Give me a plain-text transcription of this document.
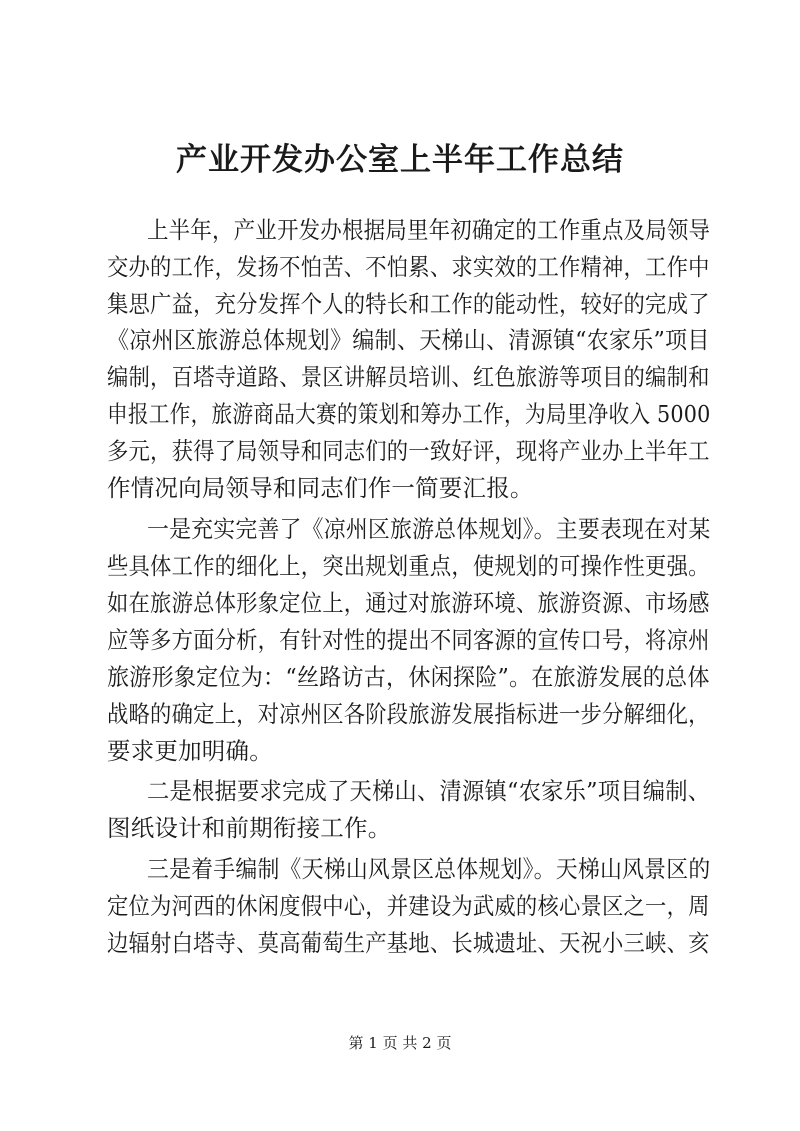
产业开发办公室上半年工作总结
上半年，产业开发办根据局里年初确定的工作重点及局领导
交办的工作，发扬不怕苦、不怕累、求实效的工作精神，工作中
集思广益，充分发挥个人的特长和工作的能动性，较好的完成了
《凉州区旅游总体规划》编制、天梯山、清源镇“农家乐”项目
编制，百塔寺道路、景区讲解员培训、红色旅游等项目的编制和
申报工作，旅游商品大赛的策划和筹办工作，为局里净收入 5000
多元，获得了局领导和同志们的一致好评，现将产业办上半年工
作情况向局领导和同志们作一简要汇报。
一是充实完善了《凉州区旅游总体规划》。主要表现在对某
些具体工作的细化上，突出规划重点，使规划的可操作性更强。
如在旅游总体形象定位上，通过对旅游环境、旅游资源、市场感
应等多方面分析，有针对性的提出不同客源的宣传口号，将凉州
旅游形象定位为：“丝路访古，休闲探险”。在旅游发展的总体
战略的确定上，对凉州区各阶段旅游发展指标进一步分解细化，
要求更加明确。
二是根据要求完成了天梯山、清源镇“农家乐”项目编制、
图纸设计和前期衔接工作。
三是着手编制《天梯山风景区总体规划》。天梯山风景区的
定位为河西的休闲度假中心，并建设为武威的核心景区之一，周
边辐射白塔寺、莫高葡萄生产基地、长城遗址、天祝小三峡、亥
第 1 页 共 2 页
